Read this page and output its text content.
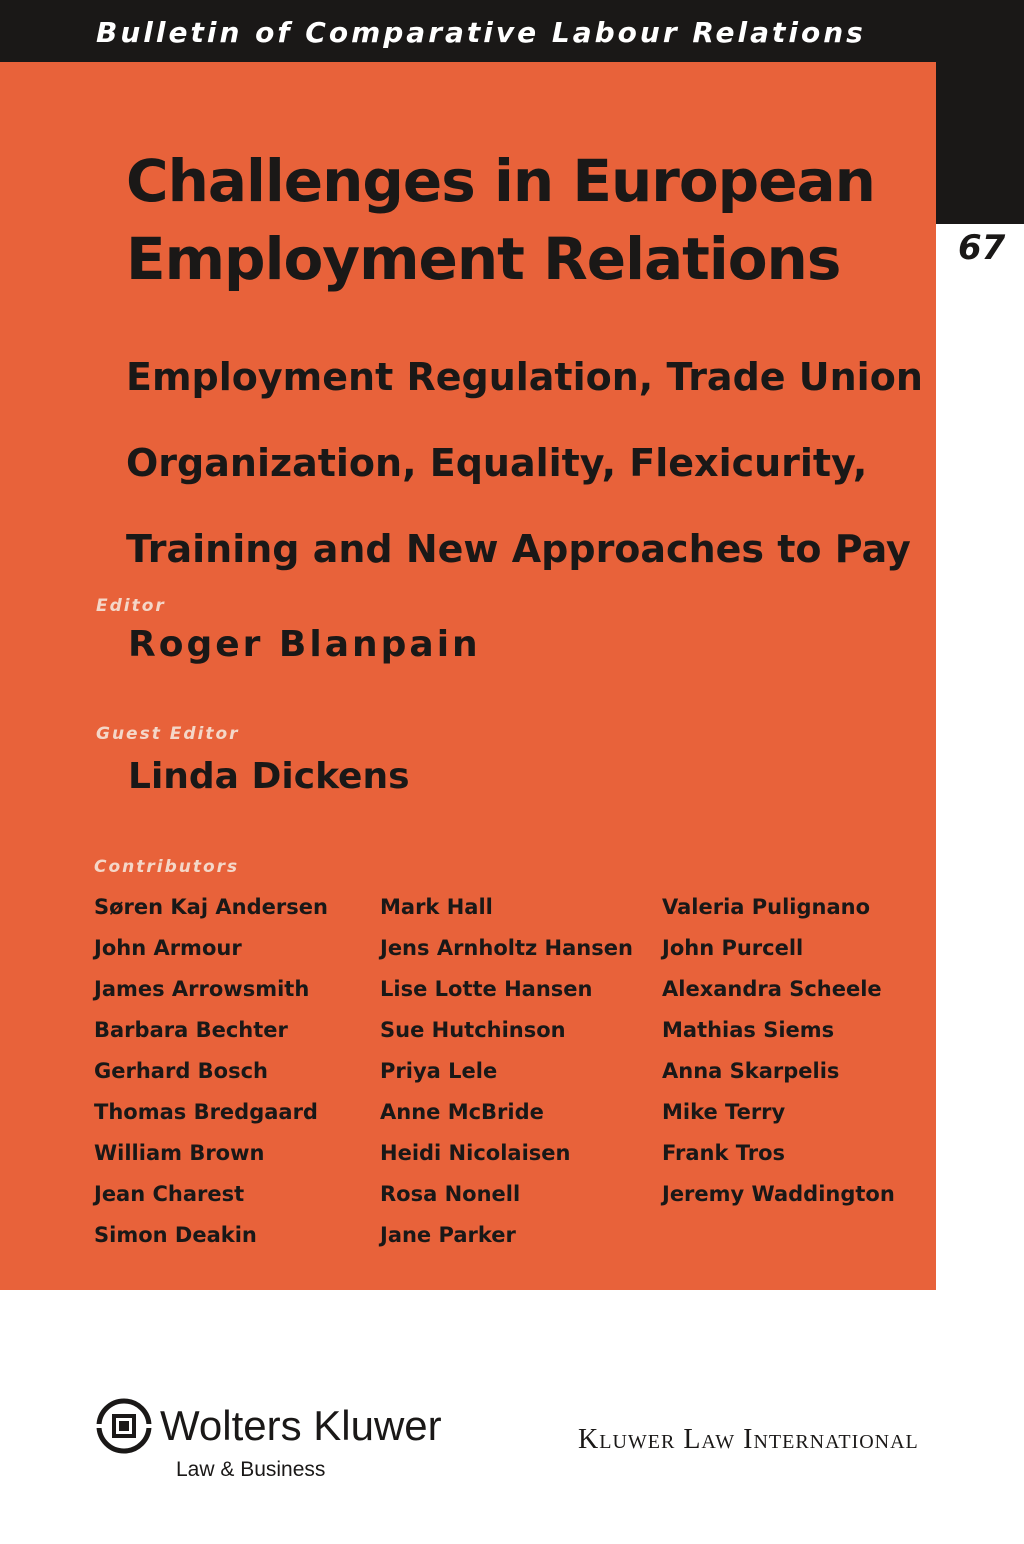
Bulletin of Comparative Labour Relations
67
Challenges in European
Employment Relations
Employment Regulation, Trade Union
Organization, Equality, Flexicurity,
Training and New Approaches to Pay
Editor
Roger Blanpain
Guest Editor
Linda Dickens
Contributors
Søren Kaj Andersen
John Armour
James Arrowsmith
Barbara Bechter
Gerhard Bosch
Thomas Bredgaard
William Brown
Jean Charest
Simon Deakin
Mark Hall
Jens Arnholtz Hansen
Lise Lotte Hansen
Sue Hutchinson
Priya Lele
Anne McBride
Heidi Nicolaisen
Rosa Nonell
Jane Parker
Valeria Pulignano
John Purcell
Alexandra Scheele
Mathias Siems
Anna Skarpelis
Mike Terry
Frank Tros
Jeremy Waddington
Wolters Kluwer
Law & Business
Kluwer Law International
